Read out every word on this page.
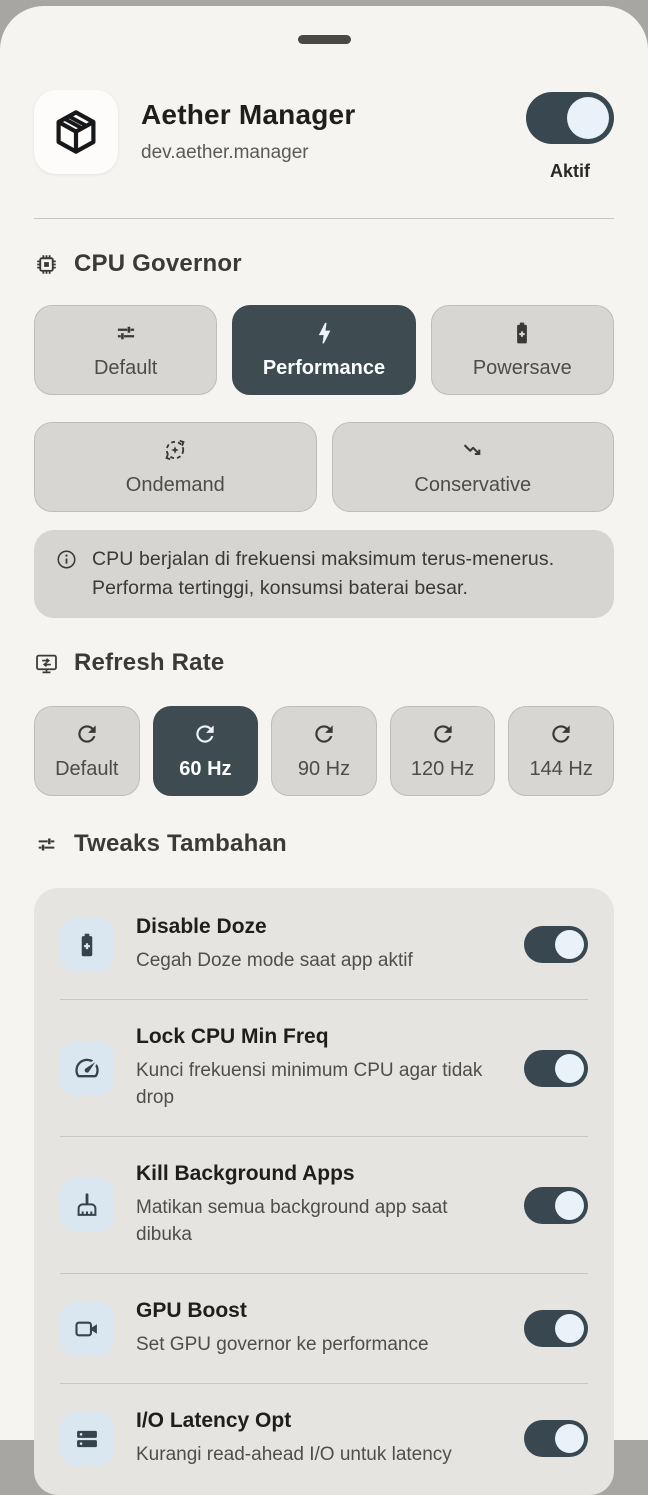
Aether Manager
dev.aether.manager
Aktif
CPU Governor
Default	Performance	Powersave
Ondemand	Conservative
CPU berjalan di frekuensi maksimum terus-menerus. Performa tertinggi, konsumsi baterai besar.
Refresh Rate
Default	60 Hz	90 Hz	120 Hz	144 Hz
Tweaks Tambahan
Disable Doze
Cegah Doze mode saat app aktif
Lock CPU Min Freq
Kunci frekuensi minimum CPU agar tidak drop
Kill Background Apps
Matikan semua background app saat dibuka
GPU Boost
Set GPU governor ke performance
I/O Latency Opt
Kurangi read-ahead I/O untuk latency
